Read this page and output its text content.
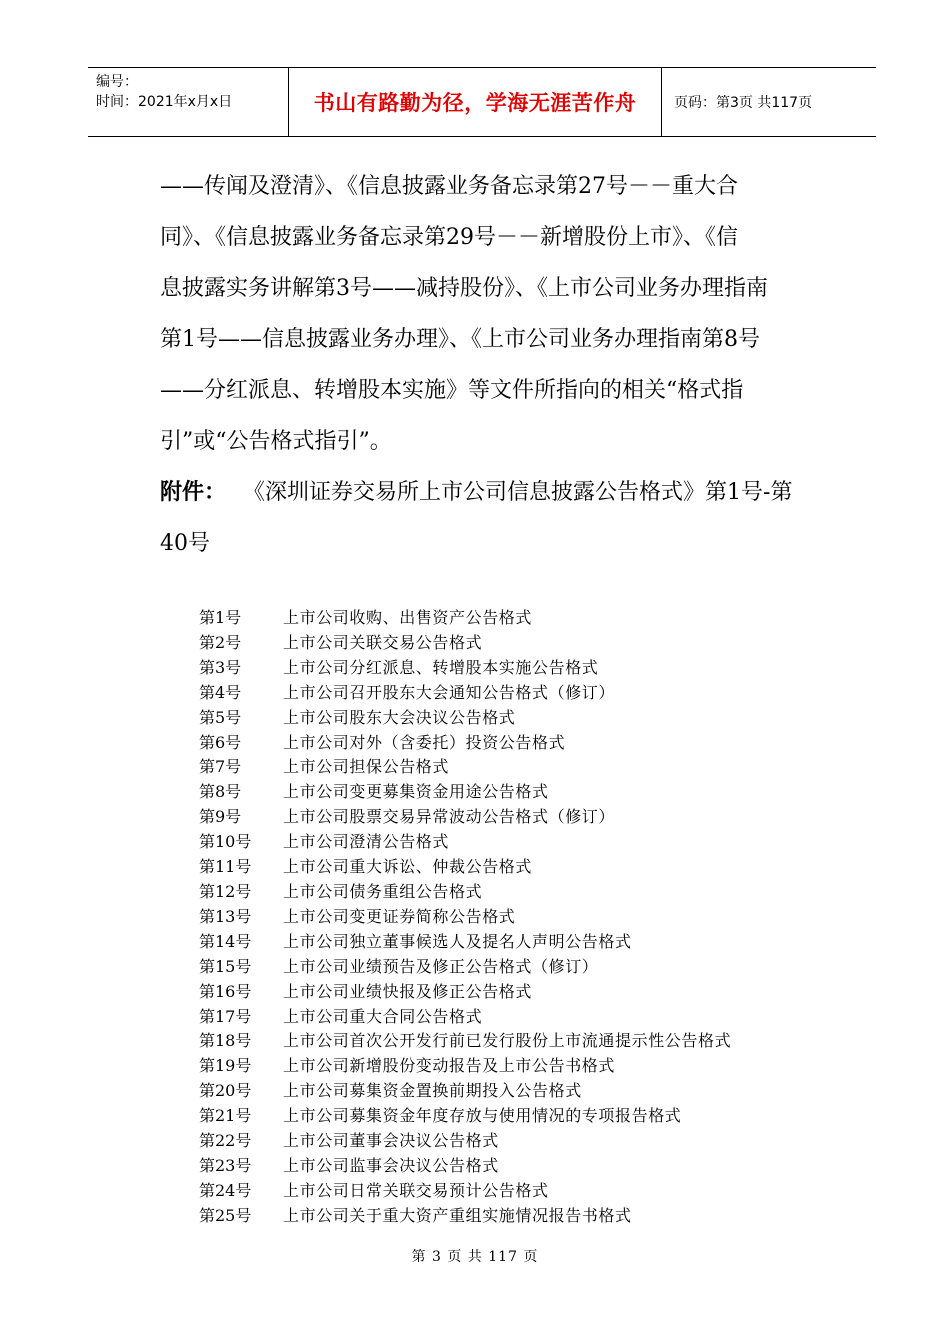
编号：
时间：2021年x月x日	书山有路勤为径，学海无涯苦作舟	页码：第3页 共117页

——传闻及澄清》、《信息披露业务备忘录第27号－－重大合

同》、《信息披露业务备忘录第29号－－新增股份上市》、《信

息披露实务讲解第3号——减持股份》、《上市公司业务办理指南

第1号——信息披露业务办理》、《上市公司业务办理指南第8号

——分红派息、转增股本实施》等文件所指向的相关“格式指

引”或“公告格式指引”。

附件： 《深圳证券交易所上市公司信息披露公告格式》第1号-第

40号

第1号	上市公司收购、出售资产公告格式
第2号	上市公司关联交易公告格式
第3号	上市公司分红派息、转增股本实施公告格式
第4号	上市公司召开股东大会通知公告格式（修订）
第5号	上市公司股东大会决议公告格式
第6号	上市公司对外（含委托）投资公告格式
第7号	上市公司担保公告格式
第8号	上市公司变更募集资金用途公告格式
第9号	上市公司股票交易异常波动公告格式（修订）
第10号	上市公司澄清公告格式
第11号	上市公司重大诉讼、仲裁公告格式
第12号	上市公司债务重组公告格式
第13号	上市公司变更证券简称公告格式
第14号	上市公司独立董事候选人及提名人声明公告格式
第15号	上市公司业绩预告及修正公告格式（修订）
第16号	上市公司业绩快报及修正公告格式
第17号	上市公司重大合同公告格式
第18号	上市公司首次公开发行前已发行股份上市流通提示性公告格式
第19号	上市公司新增股份变动报告及上市公告书格式
第20号	上市公司募集资金置换前期投入公告格式
第21号	上市公司募集资金年度存放与使用情况的专项报告格式
第22号	上市公司董事会决议公告格式
第23号	上市公司监事会决议公告格式
第24号	上市公司日常关联交易预计公告格式
第25号	上市公司关于重大资产重组实施情况报告书格式
第 3 页 共 117 页
